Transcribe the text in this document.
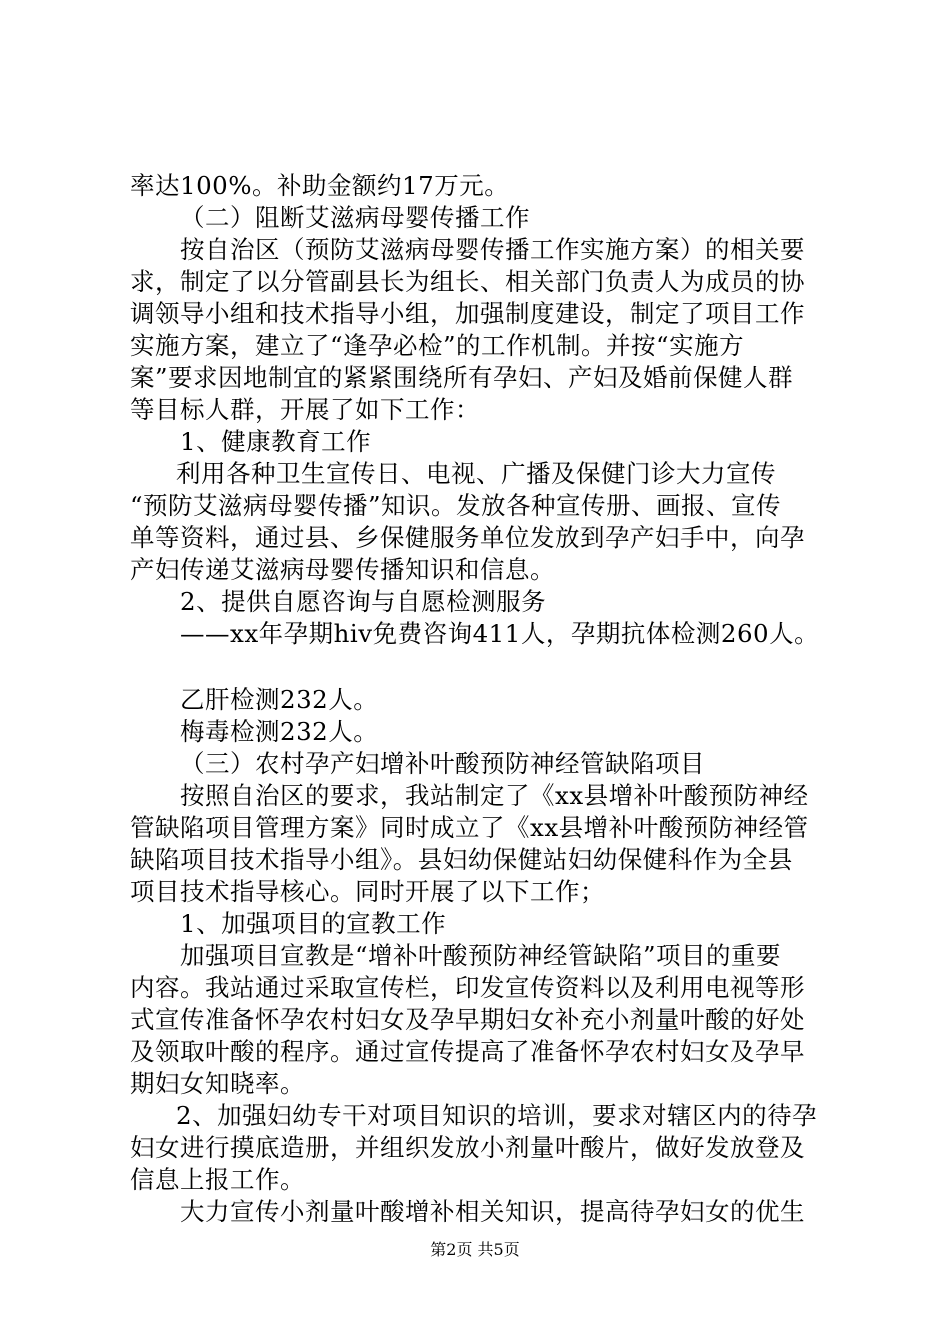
率达100%。补助金额约17万元。
（二）阻断艾滋病母婴传播工作
按自治区（预防艾滋病母婴传播工作实施方案）的相关要
求，制定了以分管副县长为组长、相关部门负责人为成员的协
调领导小组和技术指导小组，加强制度建设，制定了项目工作
实施方案，建立了“逢孕必检”的工作机制。并按“实施方
案”要求因地制宜的紧紧围绕所有孕妇、产妇及婚前保健人群
等目标人群，开展了如下工作：
1、健康教育工作
利用各种卫生宣传日、电视、广播及保健门诊大力宣传
“预防艾滋病母婴传播”知识。发放各种宣传册、画报、宣传
单等资料，通过县、乡保健服务单位发放到孕产妇手中，向孕
产妇传递艾滋病母婴传播知识和信息。
2、提供自愿咨询与自愿检测服务
——xx年孕期hiv免费咨询411人，孕期抗体检测260人。
乙肝检测232人。
梅毒检测232人。
（三）农村孕产妇增补叶酸预防神经管缺陷项目
按照自治区的要求，我站制定了《xx县增补叶酸预防神经
管缺陷项目管理方案》同时成立了《xx县增补叶酸预防神经管
缺陷项目技术指导小组》。县妇幼保健站妇幼保健科作为全县
项目技术指导核心。同时开展了以下工作；
1、加强项目的宣教工作
加强项目宣教是“增补叶酸预防神经管缺陷”项目的重要
内容。我站通过采取宣传栏，印发宣传资料以及利用电视等形
式宣传准备怀孕农村妇女及孕早期妇女补充小剂量叶酸的好处
及领取叶酸的程序。通过宣传提高了准备怀孕农村妇女及孕早
期妇女知晓率。
2、加强妇幼专干对项目知识的培训，要求对辖区内的待孕
妇女进行摸底造册，并组织发放小剂量叶酸片，做好发放登及
信息上报工作。
大力宣传小剂量叶酸增补相关知识，提高待孕妇女的优生
第2页 共5页
